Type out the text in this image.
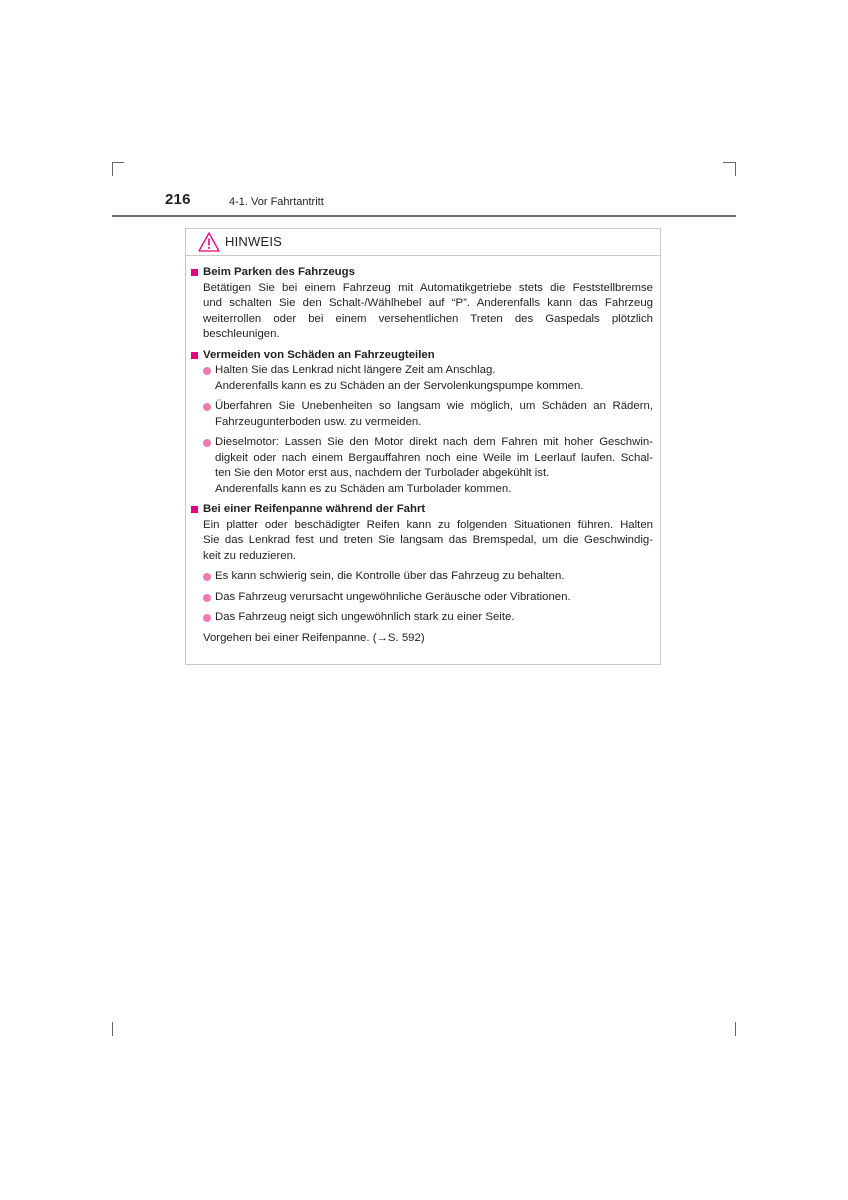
216	4-1. Vor Fahrtantritt
HINWEIS
Beim Parken des Fahrzeugs
Betätigen Sie bei einem Fahrzeug mit Automatikgetriebe stets die Feststellbremse
und schalten Sie den Schalt-/Wählhebel auf “P”. Anderenfalls kann das Fahrzeug
weiterrollen oder bei einem versehentlichen Treten des Gaspedals plötzlich
beschleunigen.
Vermeiden von Schäden an Fahrzeugteilen
Halten Sie das Lenkrad nicht längere Zeit am Anschlag.
Anderenfalls kann es zu Schäden an der Servolenkungspumpe kommen.
Überfahren Sie Unebenheiten so langsam wie möglich, um Schäden an Rädern,
Fahrzeugunterboden usw. zu vermeiden.
Dieselmotor: Lassen Sie den Motor direkt nach dem Fahren mit hoher Geschwin-
digkeit oder nach einem Bergauffahren noch eine Weile im Leerlauf laufen. Schal-
ten Sie den Motor erst aus, nachdem der Turbolader abgekühlt ist.
Anderenfalls kann es zu Schäden am Turbolader kommen.
Bei einer Reifenpanne während der Fahrt
Ein platter oder beschädigter Reifen kann zu folgenden Situationen führen. Halten
Sie das Lenkrad fest und treten Sie langsam das Bremspedal, um die Geschwindig-
keit zu reduzieren.
Es kann schwierig sein, die Kontrolle über das Fahrzeug zu behalten.
Das Fahrzeug verursacht ungewöhnliche Geräusche oder Vibrationen.
Das Fahrzeug neigt sich ungewöhnlich stark zu einer Seite.
Vorgehen bei einer Reifenpanne. (→S. 592)
